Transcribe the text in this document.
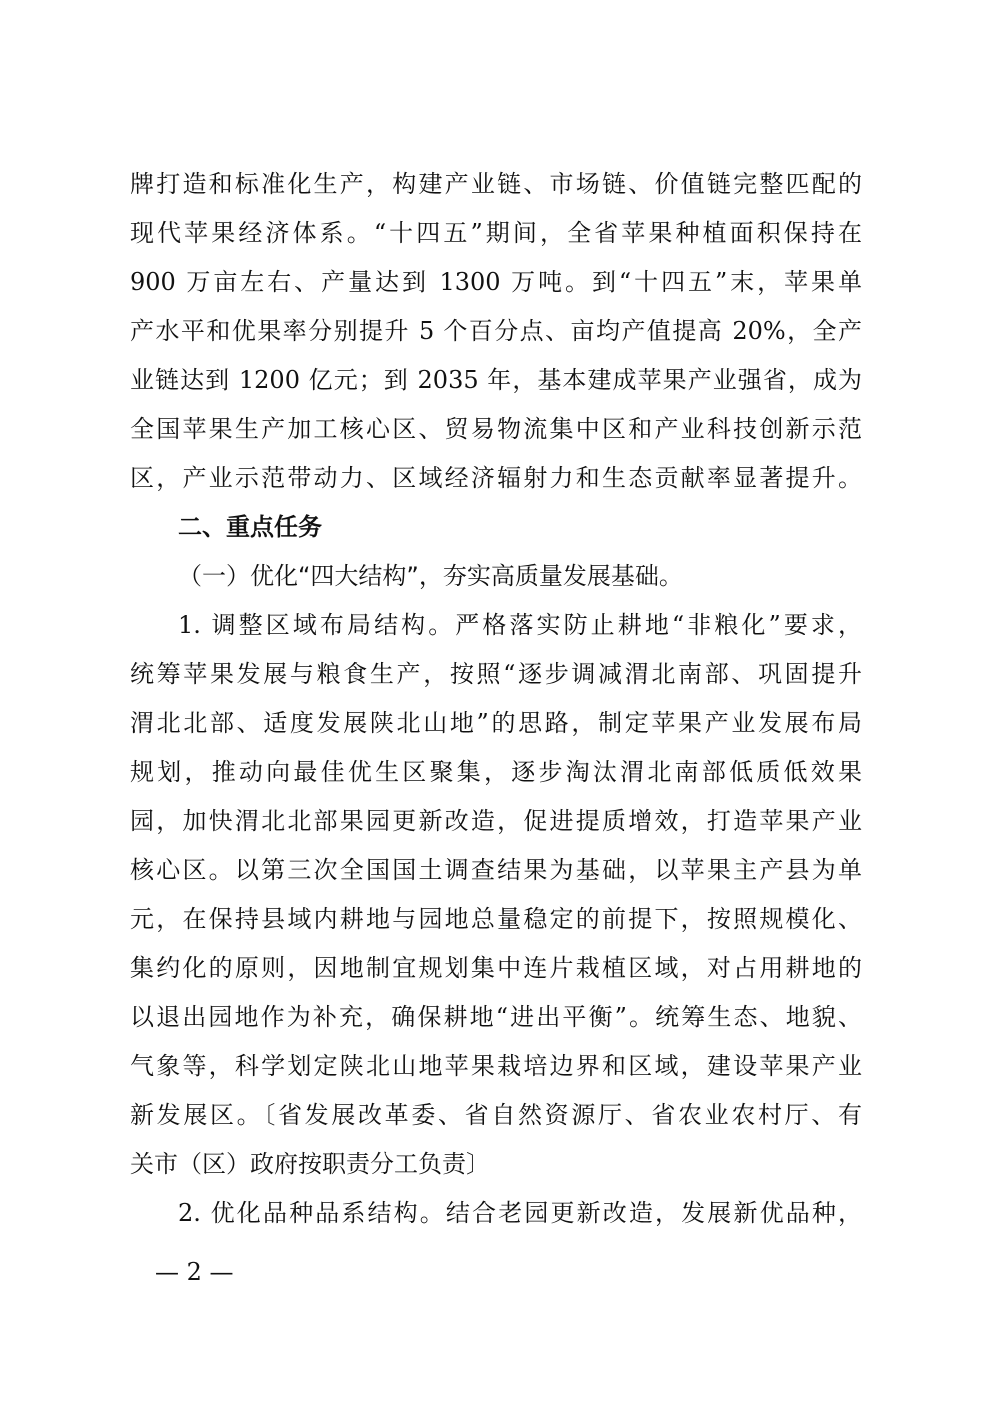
牌打造和标准化生产，构建产业链、市场链、价值链完整匹配的
现代苹果经济体系。“十四五”期间，全省苹果种植面积保持在
900 万亩左右、产量达到 1300 万吨。到“十四五”末，苹果单
产水平和优果率分别提升 5 个百分点、亩均产值提高 20%，全产
业链达到 1200 亿元；到 2035 年，基本建成苹果产业强省，成为
全国苹果生产加工核心区、贸易物流集中区和产业科技创新示范
区，产业示范带动力、区域经济辐射力和生态贡献率显著提升。
二、重点任务
（一）优化“四大结构”，夯实高质量发展基础。
1. 调整区域布局结构。严格落实防止耕地“非粮化”要求，
统筹苹果发展与粮食生产，按照“逐步调减渭北南部、巩固提升
渭北北部、适度发展陕北山地”的思路，制定苹果产业发展布局
规划，推动向最佳优生区聚集，逐步淘汰渭北南部低质低效果
园，加快渭北北部果园更新改造，促进提质增效，打造苹果产业
核心区。以第三次全国国土调查结果为基础，以苹果主产县为单
元，在保持县域内耕地与园地总量稳定的前提下，按照规模化、
集约化的原则，因地制宜规划集中连片栽植区域，对占用耕地的
以退出园地作为补充，确保耕地“进出平衡”。统筹生态、地貌、
气象等，科学划定陕北山地苹果栽培边界和区域，建设苹果产业
新发展区。〔省发展改革委、省自然资源厅、省农业农村厅、有
关市（区）政府按职责分工负责〕
2. 优化品种品系结构。结合老园更新改造，发展新优品种，
— 2 —
